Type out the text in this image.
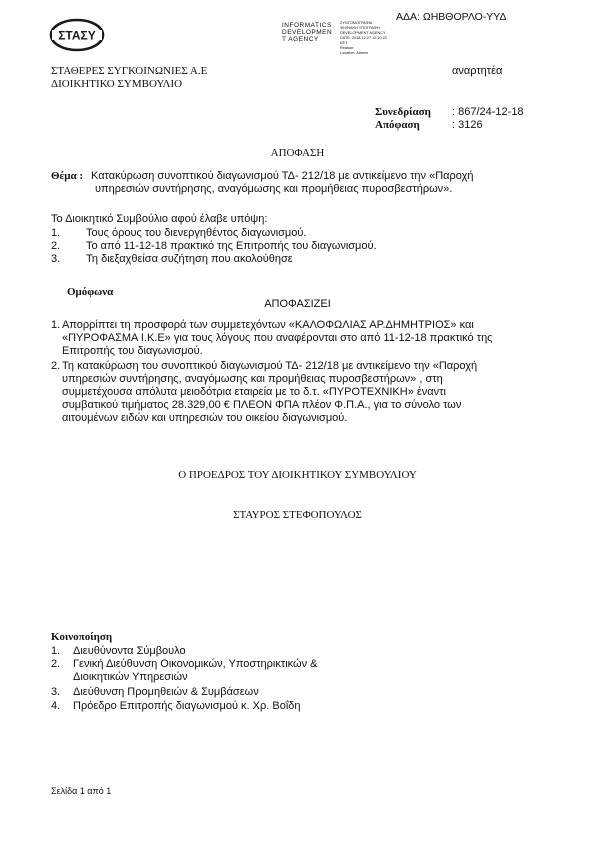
ΣΤΑΣΥ
INFORMATICS
DEVELOPMEN
T AGENCY
ΣΥΝΤΟΜΟΓΡΑΦΙΑ
ΨΗΦΙΑΚΗ ΥΠΟΓΡΑΦΗ
DEVELOPMENT AGENCY
DATE: 2018.12.27 12:10:23
EET
Reason:
Location: Athens
ΑΔΑ: ΩΗΒΘΟΡΛΟ-ΥΥΔ
ΣΤΑΘΕΡΕΣ ΣΥΓΚΟΙΝΩΝΙΕΣ Α.Ε
ΔΙΟΙΚΗΤΙΚΟ ΣΥΜΒΟΥΛΙΟ
αναρτητέα
Συνεδρίαση : 867/24-12-18
Απόφαση	: 3126
ΑΠΟΦΑΣΗ
Θέμα : Κατακύρωση συνοπτικού διαγωνισμού ΤΔ- 212/18 με αντικείμενο την «Παροχή
υπηρεσιών συντήρησης, αναγόμωσης και προμήθειας πυροσβεστήρων».
Το Διοικητικό Συμβούλιο αφού έλαβε υπόψη:
1. Τους όρους του διενεργηθέντος διαγωνισμού.
2. Το από 11-12-18 πρακτικό της Επιτροπής του διαγωνισμού.
3. Τη διεξαχθείσα συζήτηση που ακολούθησε
Ομόφωνα
ΑΠΟΦΑΣΙΖΕΙ
1. Απορρίπτει τη προσφορά των συμμετεχόντων «ΚΑΛΟΦΩΛΙΑΣ ΑΡ.ΔΗΜΗΤΡΙΟΣ» και
«ΠΥΡΟΦΑΣΜΑ Ι.Κ.Ε» για τους λόγους που αναφέρονται στο από 11-12-18 πρακτικό της
Επιτροπής του διαγωνισμού.
2. Τη κατακύρωση του συνοπτικού διαγωνισμού ΤΔ- 212/18 με αντικείμενο την «Παροχή
υπηρεσιών συντήρησης, αναγόμωσης και προμήθειας πυροσβεστήρων» , στη
συμμετέχουσα απόλυτα μειοδότρια εταιρεία με το δ.τ. «ΠΥΡΟΤΕΧΝΙΚΗ» έναντι
συμβατικού τιμήματος 28.329,00 € ΠΛΕΟΝ ΦΠΑ πλέον Φ.Π.Α., για το σύνολο των
αιτουμένων ειδών και υπηρεσιών του οικείου διαγωνισμού.
Ο ΠΡΟΕΔΡΟΣ ΤΟΥ ΔΙΟΙΚΗΤΙΚΟΥ ΣΥΜΒΟΥΛΙΟΥ
ΣΤΑΥΡΟΣ ΣΤΕΦΟΠΟΥΛΟΣ
Κοινοποίηση
1. Διευθύνοντα Σύμβουλο
2. Γενική Διεύθυνση Οικονομικών, Υποστηρικτικών &
Διοικητικών Υπηρεσιών
3. Διεύθυνση Προμηθειών & Συμβάσεων
4. Πρόεδρο Επιτροπής διαγωνισμού κ. Χρ. Βοΐδη
Σελίδα 1 από 1
